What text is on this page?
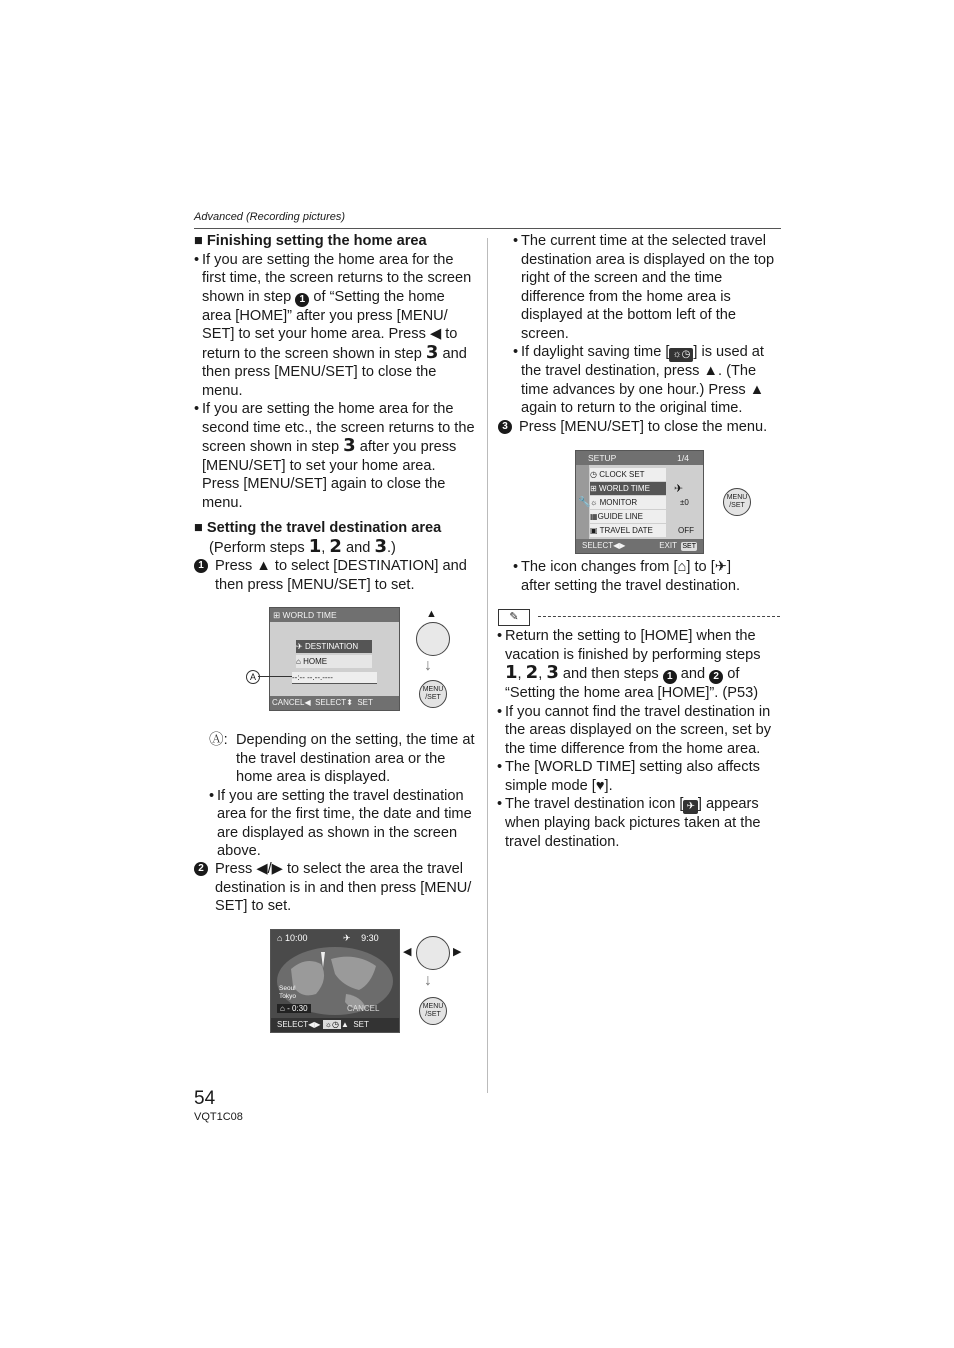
Advanced (Recording pictures)
■ Finishing setting the home area
• If you are setting the home area for the
first time, the screen returns to the screen
shown in step 1 of “Setting the home
area [HOME]” after you press [MENU/
SET] to set your home area. Press ◀ to
return to the screen shown in step 3 and
then press [MENU/SET] to close the
menu.
• If you are setting the home area for the
second time etc., the screen returns to the
screen shown in step 3 after you press
[MENU/SET] to set your home area.
Press [MENU/SET] again to close the
menu.
■ Setting the travel destination area
(Perform steps 1, 2 and 3.)
1 Press ▲ to select [DESTINATION] and
then press [MENU/SET] to set.
⊞ WORLD TIME
✈ DESTINATION
⌂ HOME
--:-- --.--.----
CANCEL◀  SELECT⬍  SET
A
▲
↓
MENU
/SET
Ⓐ: Depending on the setting, the time at
the travel destination area or the
home area is displayed.
• If you are setting the travel destination
area for the first time, the date and time
are displayed as shown in the screen
above.
2 Press ◀/▶ to select the area the travel
destination is in and then press [MENU/
SET] to set.
⌂ 10:00	✈ 9:30
Seoul
Tokyo
⌂ - 0:30	CANCEL
SELECT◀▶ ☼◷ ▲  SET
◀	▶
↓
MENU
/SET
• The current time at the selected travel
destination area is displayed on the top
right of the screen and the time
difference from the home area is
displayed at the bottom left of the
screen.
• If daylight saving time [ ☼◷ ] is used at
the travel destination, press ▲. (The
time advances by one hour.) Press ▲
again to return to the original time.
3 Press [MENU/SET] to close the menu.
SETUP	1/4
🔧
◷ CLOCK SET
⊞ WORLD TIME	✈
☼ MONITOR	±0
▦GUIDE LINE
▣ TRAVEL DATE	OFF
SELECT◀▶	EXIT SET
MENU
/SET
• The icon changes from [⌂] to [✈]
after setting the travel destination.
✎
• Return the setting to [HOME] when the
vacation is finished by performing steps
1, 2, 3 and then steps 1 and 2 of
“Setting the home area [HOME]”. (P53)
• If you cannot find the travel destination in
the areas displayed on the screen, set by
the time difference from the home area.
• The [WORLD TIME] setting also affects
simple mode [♥].
• The travel destination icon [ ✈ ] appears
when playing back pictures taken at the
travel destination.
54
VQT1C08
